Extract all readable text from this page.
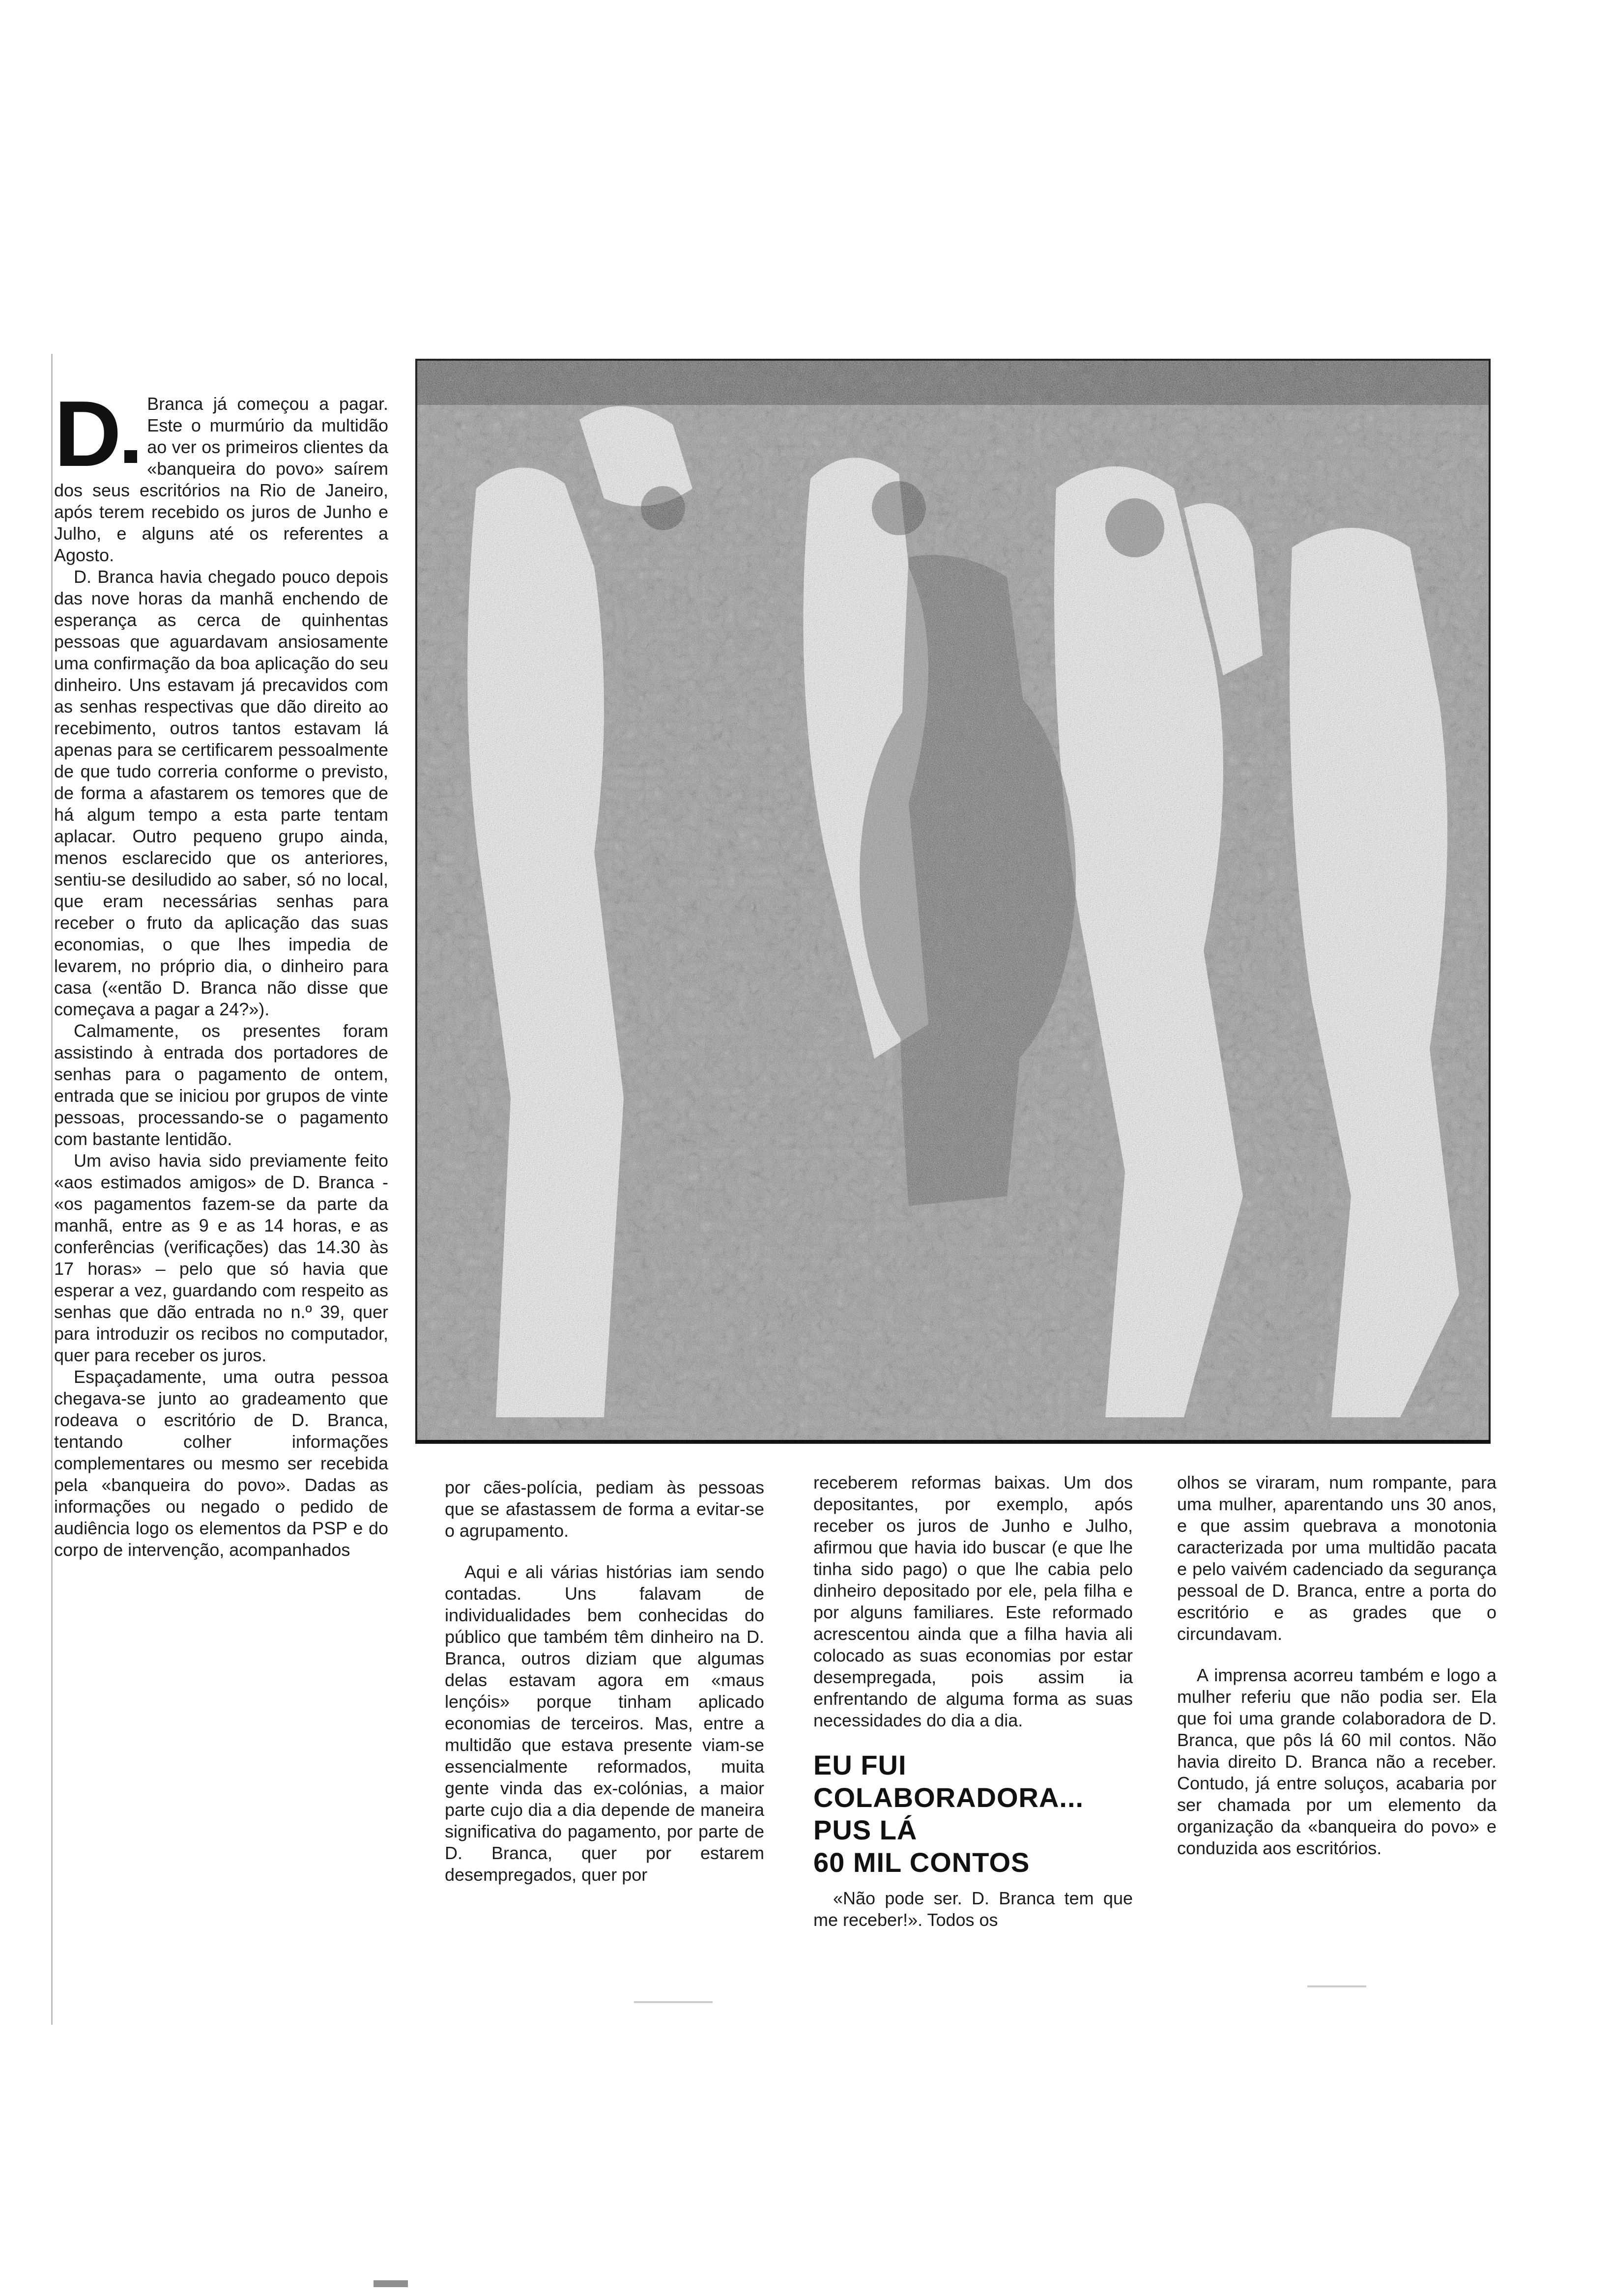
D	Branca já começou a pagar. Este o murmúrio da multidão ao ver os primeiros clientes da «banqueira do povo» saírem dos seus escritórios na Rio de Janeiro, após terem recebido os juros de Junho e Julho, e alguns até os referentes a Agosto.

D. Branca havia chegado pouco depois das nove horas da manhã enchendo de esperança as cerca de quinhentas pessoas que aguardavam ansiosamente uma confirmação da boa aplicação do seu dinheiro. Uns estavam já precavidos com as senhas respectivas que dão direito ao recebimento, outros tantos estavam lá apenas para se certificarem pessoalmente de que tudo correria conforme o previsto, de forma a afastarem os temores que de há algum tempo a esta parte tentam aplacar. Outro pequeno grupo ainda, menos esclarecido que os anteriores, sentiu-se desiludido ao saber, só no local, que eram necessárias senhas para receber o fruto da aplicação das suas economias, o que lhes impedia de levarem, no próprio dia, o dinheiro para casa («então D. Branca não disse que começava a pagar a 24?»).

Calmamente, os presentes foram assistindo à entrada dos portadores de senhas para o pagamento de ontem, entrada que se iniciou por grupos de vinte pessoas, processando-se o pagamento com bastante lentidão.

Um aviso havia sido previamente feito «aos estimados amigos» de D. Branca - «os pagamentos fazem-se da parte da manhã, entre as 9 e as 14 horas, e as conferências (verificações) das 14.30 às 17 horas» – pelo que só havia que esperar a vez, guardando com respeito as senhas que dão entrada no n.º 39, quer para introduzir os recibos no computador, quer para receber os juros.

Espaçadamente, uma outra pessoa chegava-se junto ao gradeamento que rodeava o escritório de D. Branca, tentando colher informações complementares ou mesmo ser recebida pela «banqueira do povo». Dadas as informações ou negado o pedido de audiência logo os elementos da PSP e do corpo de intervenção, acompanhados

por cães-polícia, pediam às pessoas que se afastassem de forma a evitar-se o agrupamento.

Aqui e ali várias histórias iam sendo contadas. Uns falavam de individualidades bem conhecidas do público que também têm dinheiro na D. Branca, outros diziam que algumas delas estavam agora em «maus lençóis» porque tinham aplicado economias de terceiros. Mas, entre a multidão que estava presente viam-se essencialmente reformados, muita gente vinda das ex-colónias, a maior parte cujo dia a dia depende de maneira significativa do pagamento, por parte de D. Branca, quer por estarem desempregados, quer por

receberem reformas baixas. Um dos depositantes, por exemplo, após receber os juros de Junho e Julho, afirmou que havia ido buscar (e que lhe tinha sido pago) o que lhe cabia pelo dinheiro depositado por ele, pela filha e por alguns familiares. Este reformado acrescentou ainda que a filha havia ali colocado as suas economias por estar desempregada, pois assim ia enfrentando de alguma forma as suas necessidades do dia a dia.

EU FUI
COLABORADORA...
PUS LÁ
60 MIL CONTOS

«Não pode ser. D. Branca tem que me receber!». Todos os

olhos se viraram, num rompante, para uma mulher, aparentando uns 30 anos, e que assim quebrava a monotonia caracterizada por uma multidão pacata e pelo vaivém cadenciado da segurança pessoal de D. Branca, entre a porta do escritório e as grades que o circundavam.

A imprensa acorreu também e logo a mulher referiu que não podia ser. Ela que foi uma grande colaboradora de D. Branca, que pôs lá 60 mil contos. Não havia direito D. Branca não a receber. Contudo, já entre soluços, acabaria por ser chamada por um elemento da organização da «banqueira do povo» e conduzida aos escritórios.
